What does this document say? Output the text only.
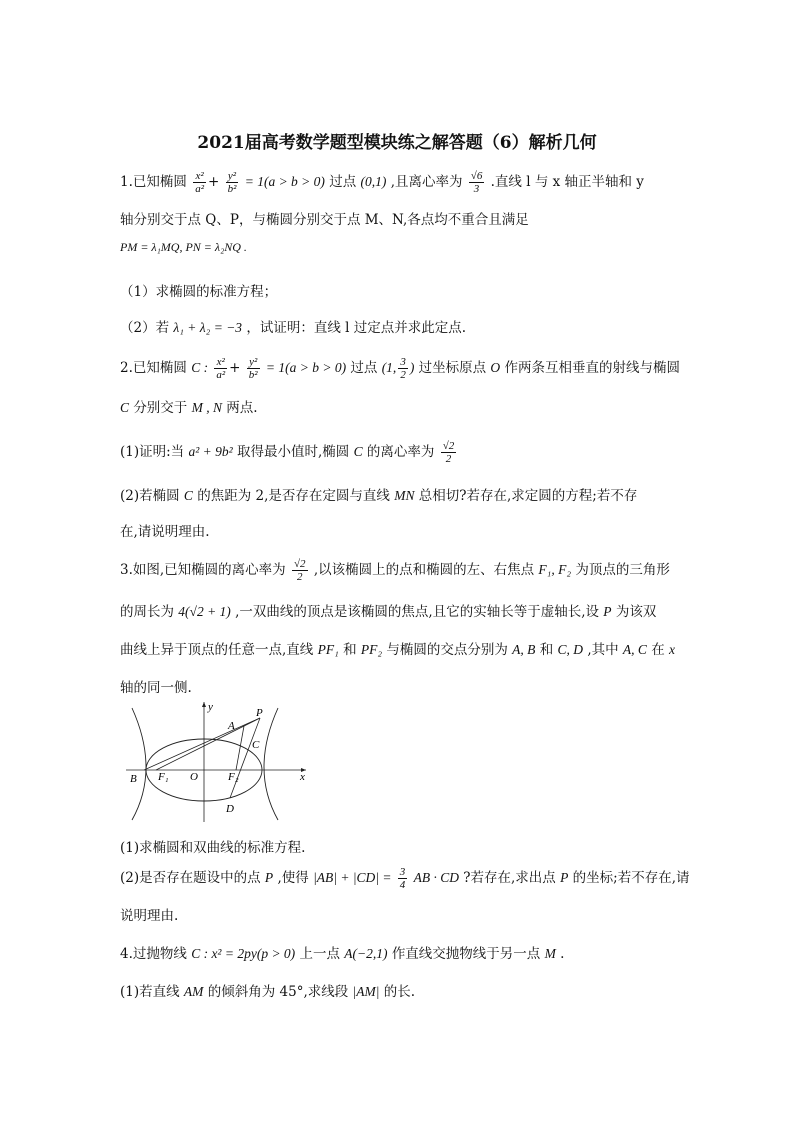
2021届高考数学题型模块练之解答题（6）解析几何
1.已知椭圆 $\frac{\text{x²}}{\text{a²}} + \frac{\text{y²}}{\text{b²}} = 1(a > b > 0)$ 过点 (0,1) ,且离心率为 $\frac{√6}{3}$ .直线 l 与 x 轴正半轴和 y
轴分别交于点 Q、P，与椭圆分别交于点 M、N,各点均不重合且满足
PM = λ₁MQ, PN = λ₂NQ .
（1）求椭圆的标准方程；
（2）若 λ₁ + λ₂ = −3 ，试证明：直线 l 过定点并求此定点.
2.已知椭圆 C : $\frac{\text{x²}}{\text{a²}} + \frac{\text{y²}}{\text{b²}} = 1(a > b > 0)$ 过点 (1, $\frac{3}{2}$ ) 过坐标原点 O 作两条互相垂直的射线与椭圆
C 分别交于 M , N 两点.
(1)证明:当 a² + 9b² 取得最小值时,椭圆 C 的离心率为 $\frac{√2}{2}$
(2)若椭圆 C 的焦距为 2,是否存在定圆与直线 MN 总相切?若存在,求定圆的方程;若不存
在,请说明理由.
3.如图,已知椭圆的离心率为 $\frac{√2}{2}$ ,以该椭圆上的点和椭圆的左、右焦点 F₁, F₂ 为顶点的三角形
的周长为 4(√2 + 1) ,一双曲线的顶点是该椭圆的焦点,且它的实轴长等于虚轴长,设 P 为该双
曲线上异于顶点的任意一点,直线 PF₁ 和 PF₂ 与椭圆的交点分别为 A, B 和 C, D ,其中 A, C 在 x
轴的同一侧.
y
A
P
C
B F₁ O	F₂	x
D
(1)求椭圆和双曲线的标准方程.
(2)是否存在题设中的点 P ,使得 $|AB| + |CD| = \frac{3}{4}$ AB · CD ?若存在,求出点 P 的坐标;若不存在,请
说明理由.
4.过抛物线 C : x² = 2py(p > 0) 上一点 A(−2,1) 作直线交抛物线于另一点 M .
(1)若直线 AM 的倾斜角为 45°,求线段 |AM| 的长.
